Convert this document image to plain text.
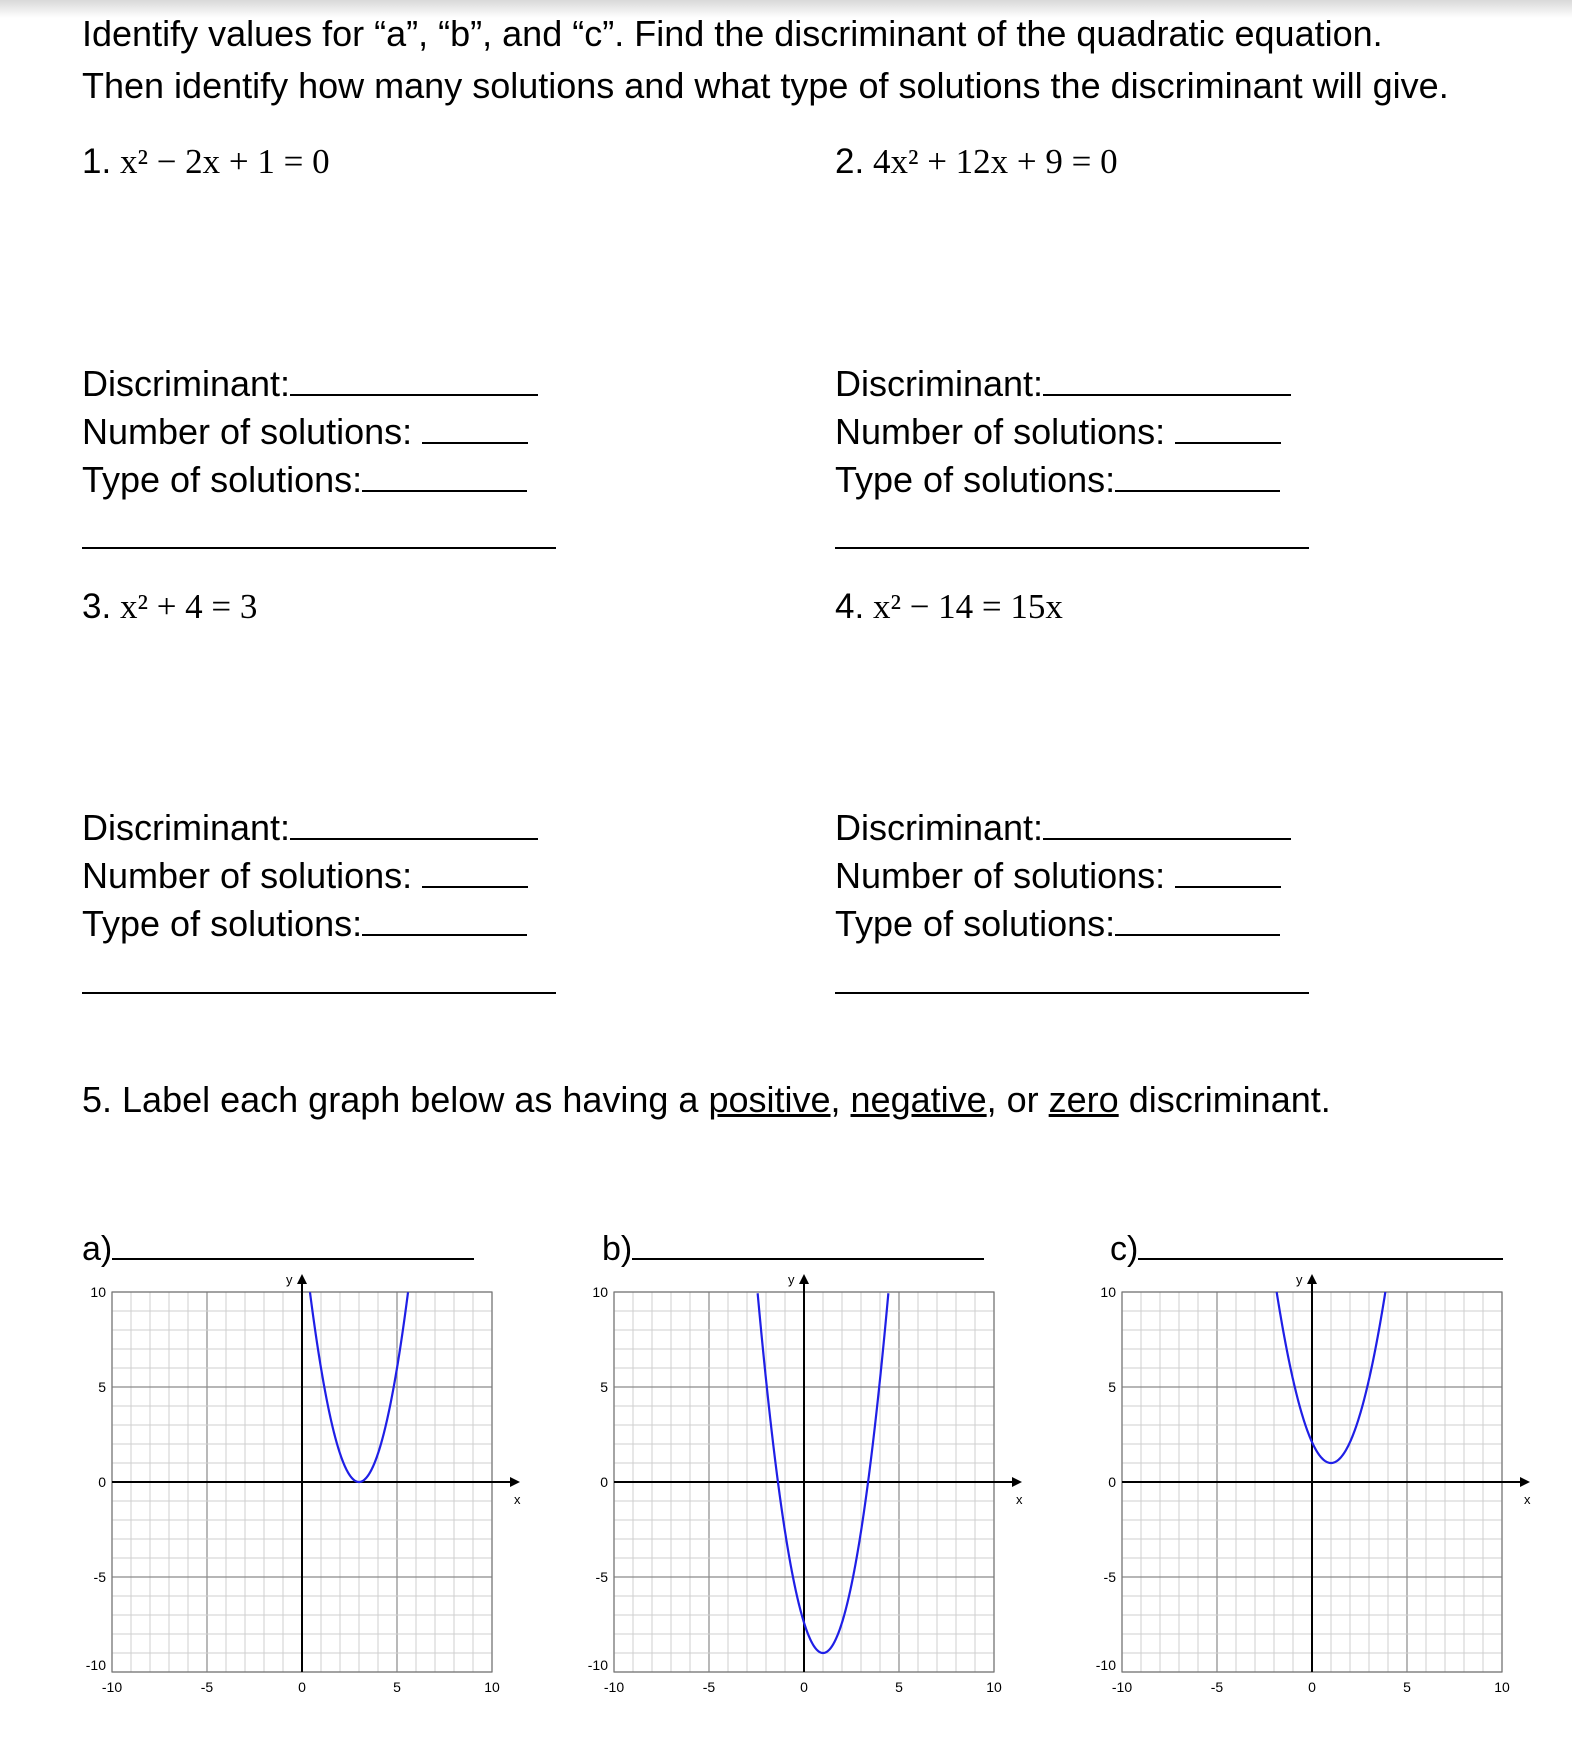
Identify values for “a”, “b”, and “c”. Find the discriminant of the quadratic equation.
Then identify how many solutions and what type of solutions the discriminant will give.
1. x² − 2x + 1 = 0	2. 4x² + 12x + 9 = 0
Discriminant:
Number of solutions:
Type of solutions:
Discriminant:
Number of solutions:
Type of solutions:
3. x² + 4 = 3	4. x² − 14 = 15x
Discriminant:
Number of solutions:
Type of solutions:
Discriminant:
Number of solutions:
Type of solutions:
5. Label each graph below as having a positive, negative, or zero discriminant.
a)	b)	c)
x
y
-10	-5	0	5	10
10
5
0
-5
-10
x
y
-10	-5	0	5	10
10
5
0
-5
-10
x
y
-10	-5	0	5	10
10
5
0
-5
-10
